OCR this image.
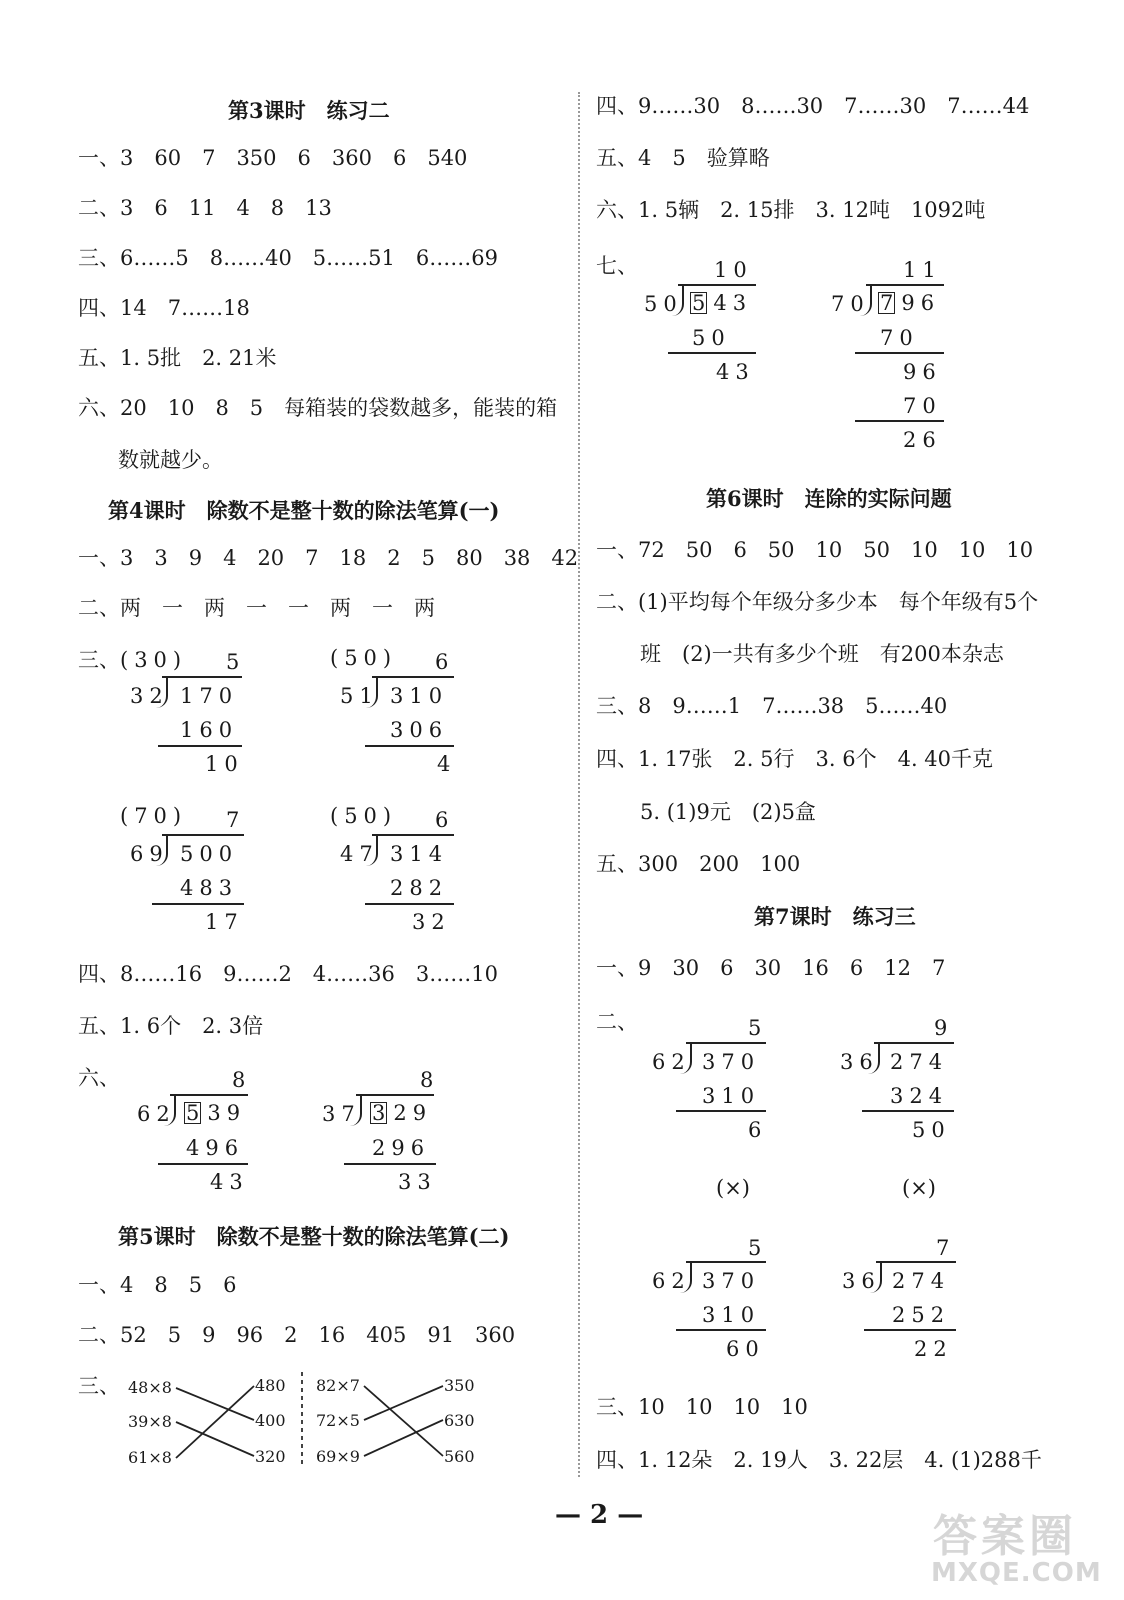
第3课时　练习二
一、3　60　7　350　6　360　6　540
二、3　6　11　4　8　13
三、6……5　8……40　5……51　6……69
四、14　7……18
五、1. 5批　2. 21米
六、20　10　8　5　每箱装的袋数越多，能装的箱
数就越少。
第4课时　除数不是整十数的除法笔算(一)
一、3　3　9　4　20　7　18　2　5　80　38　42
二、两　一　两　一　一　两　一　两
三、 (30) 5
32 170
160
10
(50) 6
51 310
306
4
(70) 7
69 500
483
17
(50) 6
47 314
282
32
四、8……16　9……2　4……36　3……10
五、1. 6个　2. 3倍
六、	8
62 5 39
496
43
8
37 3 29
296
33
第5课时　除数不是整十数的除法笔算(二)
一、4　8　5　6
二、52　5　9　96　2　16　405　91　360
三、 48×8
39×8
61×8
480
400
320
82×7
72×5
69×9
350
630
560
四、9……30　8……30　7……30　7……44
五、4　5　验算略
六、1. 5辆　2. 15排　3. 12吨　1092吨
七、	10
50 5 43
50
43
11
70 7 96
70
96
70
26
第6课时　连除的实际问题
一、72　50　6　50　10　50　10　10　10
二、(1)平均每个年级分多少本　每个年级有5个
班　(2)一共有多少个班　有200本杂志
三、8　9……1　7……38　5……40
四、1. 17张　2. 5行　3. 6个　4. 40千克
5. (1)9元　(2)5盒
五、300　200　100
第7课时　练习三
一、9　30　6　30　16　6　12　7
二、	5
62 370
310
6
9
36 274
324
50
(×)	(×)
5
62 370
310
60
7
36 274
252
22
三、10　10　10　10
四、1. 12朵　2. 19人　3. 22层　4. (1)288千
— 2 —	答案圈
MXQE.COM
